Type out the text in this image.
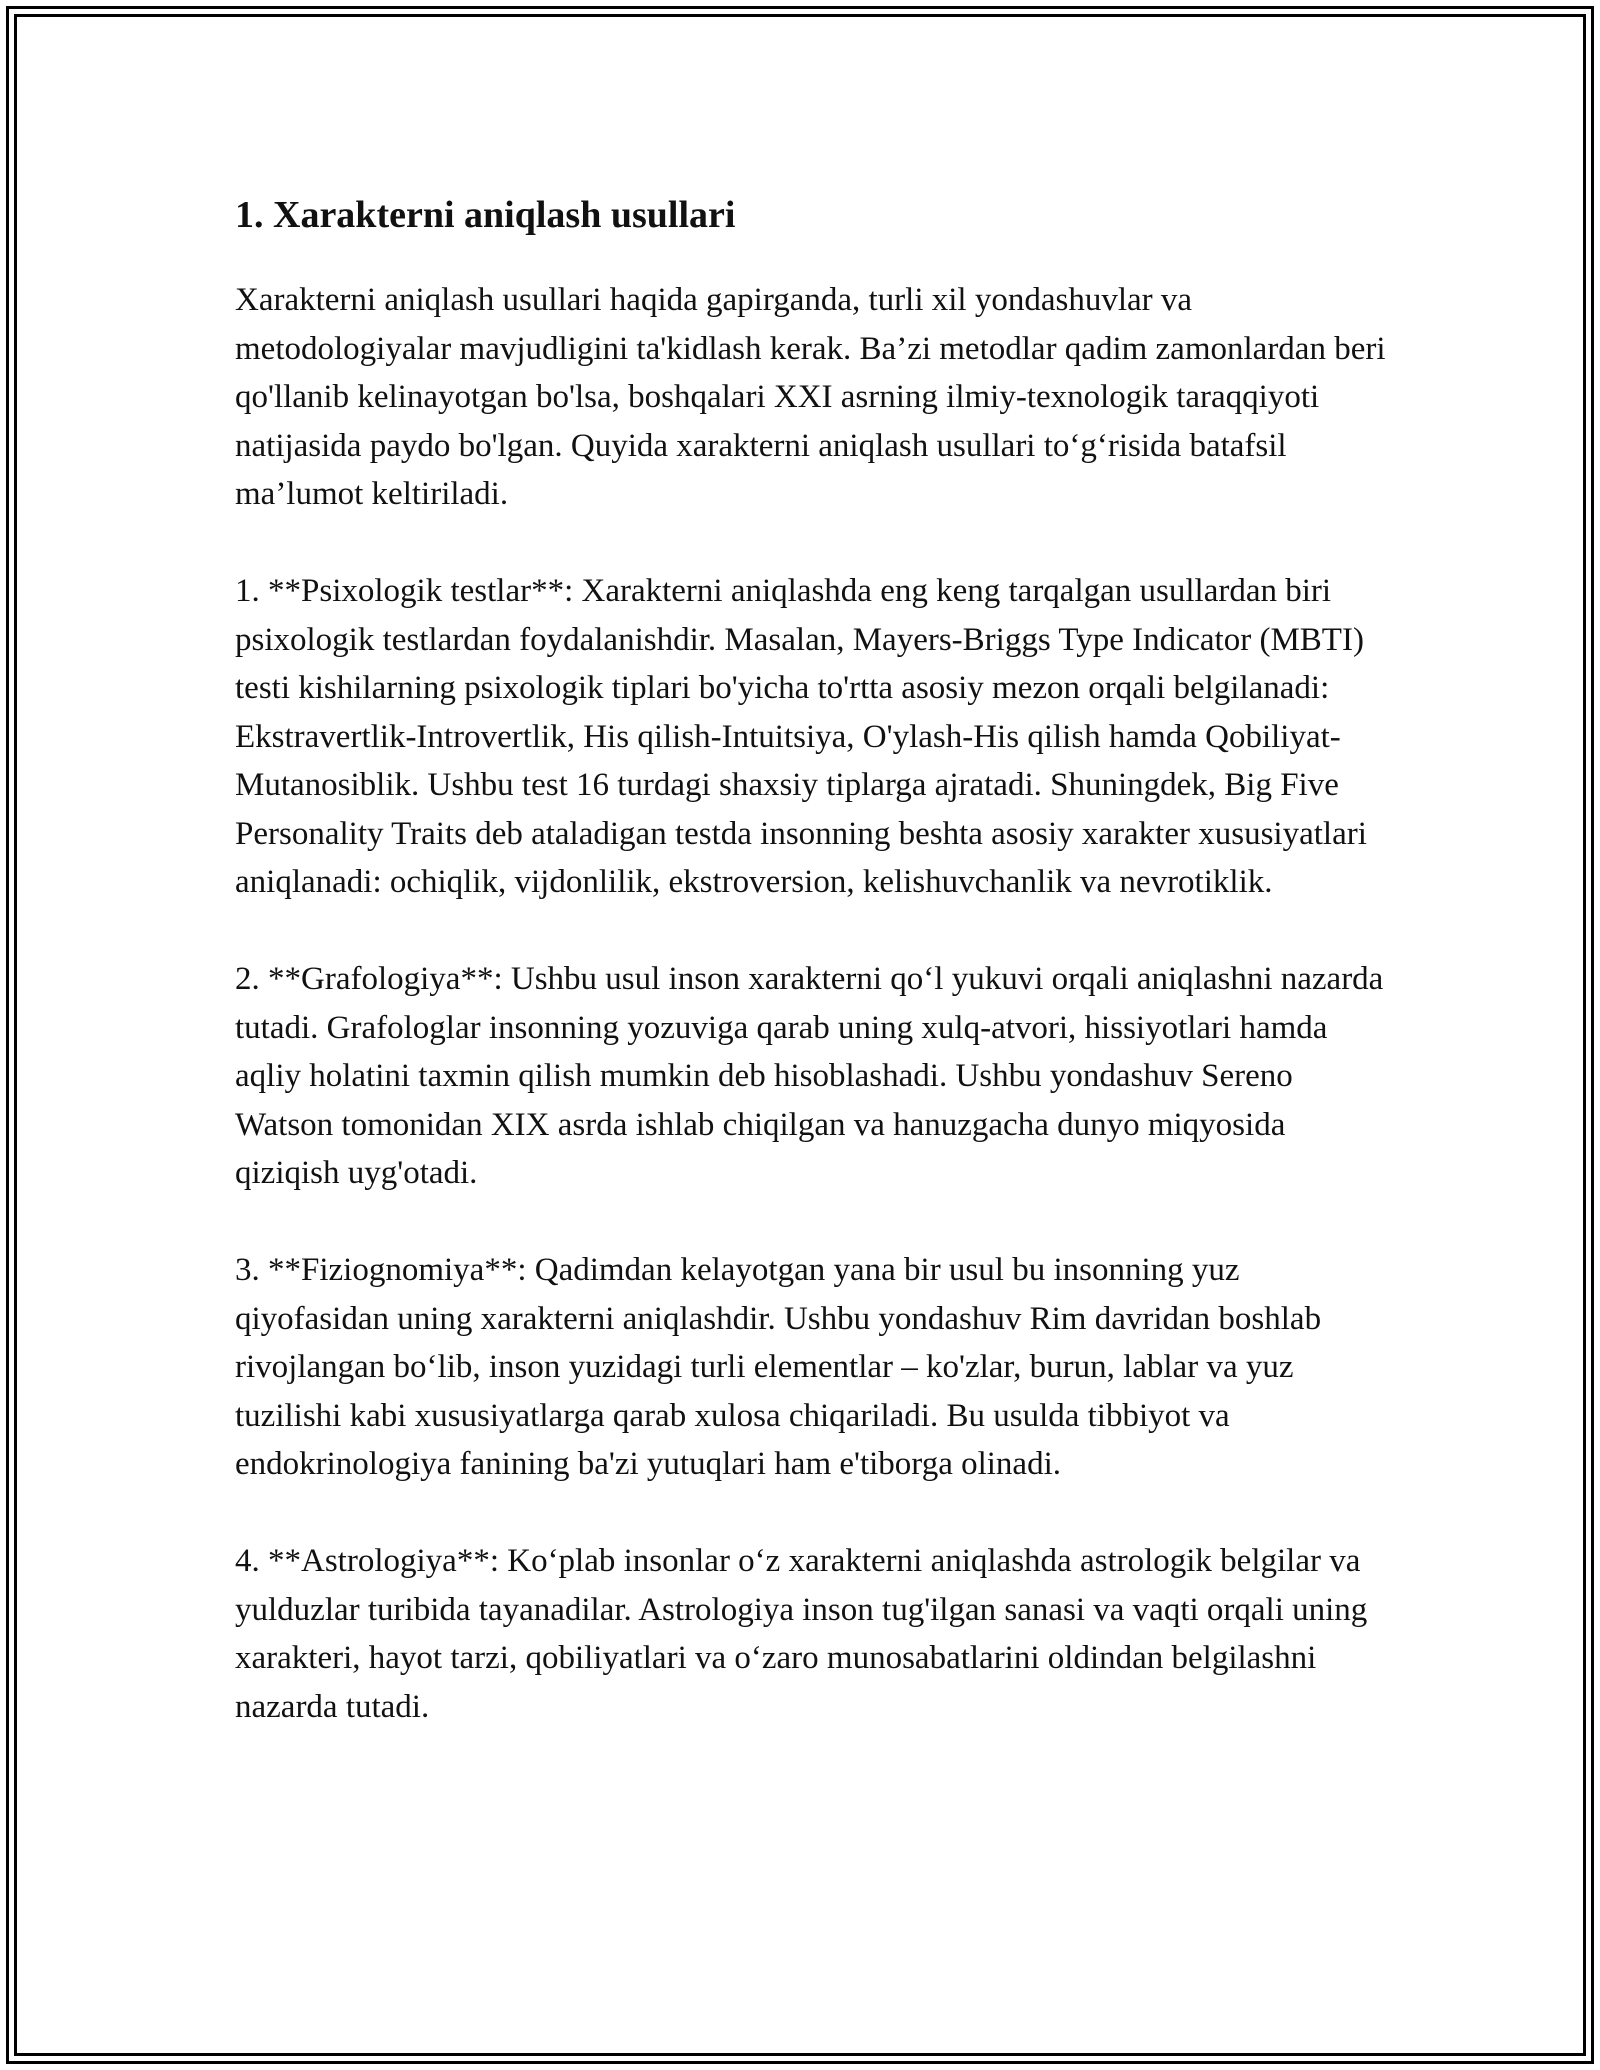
1. Xarakterni aniqlash usullari

Xarakterni aniqlash usullari haqida gapirganda, turli xil yondashuvlar va metodologiyalar mavjudligini ta'kidlash kerak. Ba’zi metodlar qadim zamonlardan beri qo'llanib kelinayotgan bo'lsa, boshqalari XXI asrning ilmiy-texnologik taraqqiyoti natijasida paydo bo'lgan. Quyida xarakterni aniqlash usullari to‘g‘risida batafsil ma’lumot keltiriladi.

1. **Psixologik testlar**: Xarakterni aniqlashda eng keng tarqalgan usullardan biri psixologik testlardan foydalanishdir. Masalan, Mayers-Briggs Type Indicator (MBTI) testi kishilarning psixologik tiplari bo'yicha to'rtta asosiy mezon orqali belgilanadi: Ekstravertlik-Introvertlik, His qilish-Intuitsiya, O'ylash-His qilish hamda Qobiliyat-Mutanosiblik. Ushbu test 16 turdagi shaxsiy tiplarga ajratadi. Shuningdek, Big Five Personality Traits deb ataladigan testda insonning beshta asosiy xarakter xususiyatlari aniqlanadi: ochiqlik, vijdonlilik, ekstroversion, kelishuvchanlik va nevrotiklik.

2. **Grafologiya**: Ushbu usul inson xarakterni qo‘l yukuvi orqali aniqlashni nazarda tutadi. Grafologlar insonning yozuviga qarab uning xulq-atvori, hissiyotlari hamda aqliy holatini taxmin qilish mumkin deb hisoblashadi. Ushbu yondashuv Sereno Watson tomonidan XIX asrda ishlab chiqilgan va hanuzgacha dunyo miqyosida qiziqish uyg'otadi.

3. **Fiziognomiya**: Qadimdan kelayotgan yana bir usul bu insonning yuz qiyofasidan uning xarakterni aniqlashdir. Ushbu yondashuv Rim davridan boshlab rivojlangan bo‘lib, inson yuzidagi turli elementlar – ko'zlar, burun, lablar va yuz tuzilishi kabi xususiyatlarga qarab xulosa chiqariladi. Bu usulda tibbiyot va endokrinologiya fanining ba'zi yutuqlari ham e'tiborga olinadi.

4. **Astrologiya**: Ko‘plab insonlar o‘z xarakterni aniqlashda astrologik belgilar va yulduzlar turibida tayanadilar. Astrologiya inson tug'ilgan sanasi va vaqti orqali uning xarakteri, hayot tarzi, qobiliyatlari va o‘zaro munosabatlarini oldindan belgilashni nazarda tutadi.
